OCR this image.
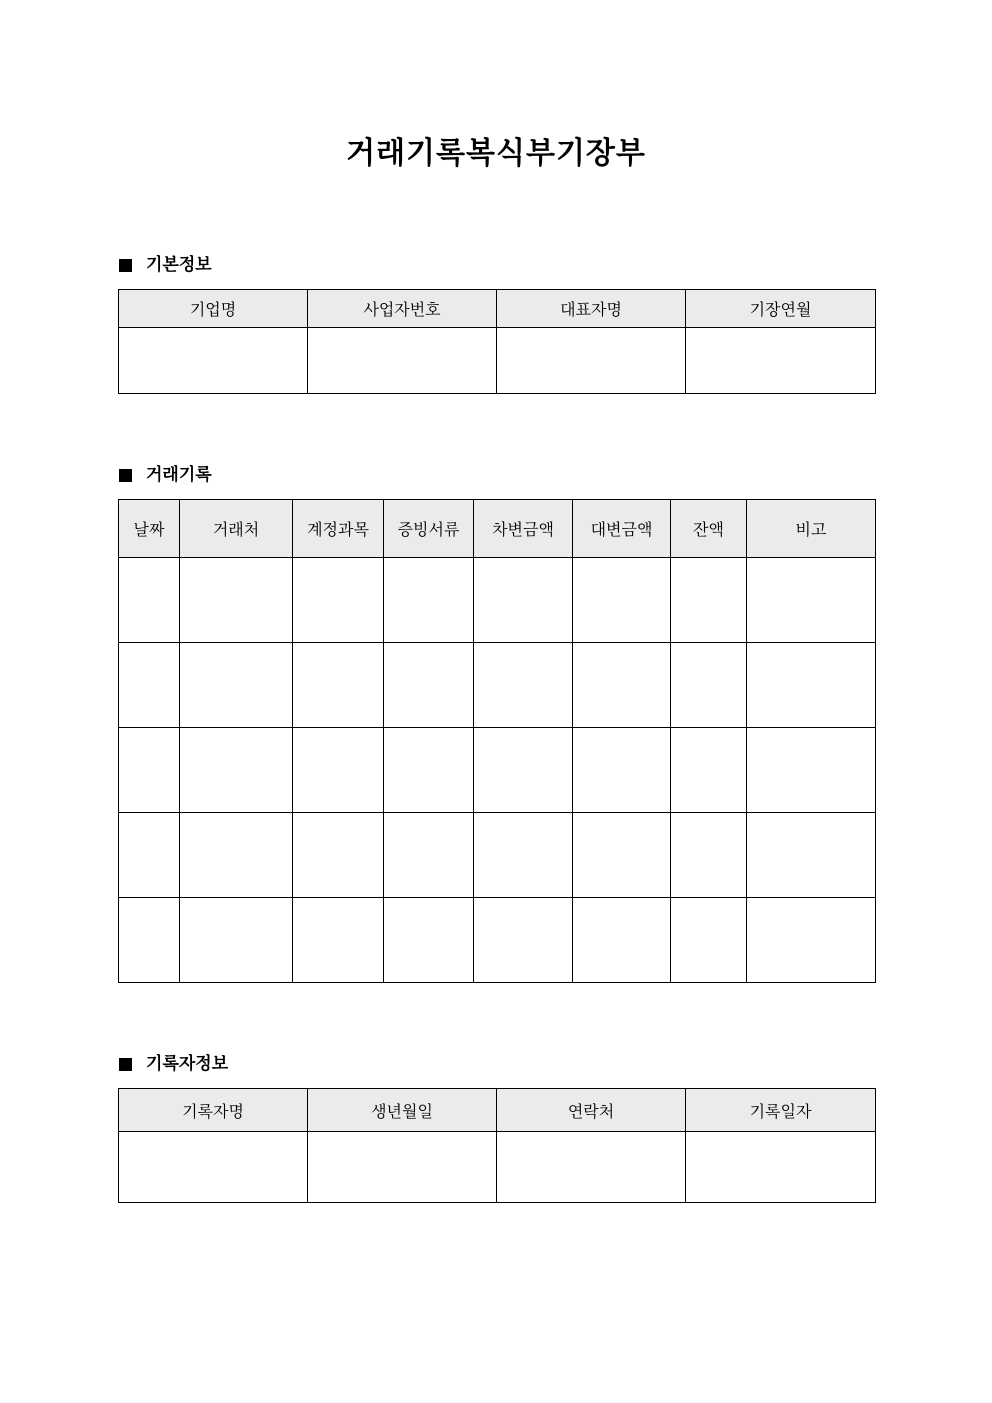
거래기록복식부기장부
기본정보
기업명	사업자번호	대표자명	기장연월

거래기록
날짜	거래처	계정과목	증빙서류	차변금액	대변금액	잔액	비고

기록자정보
기록자명	생년월일	연락처	기록일자
